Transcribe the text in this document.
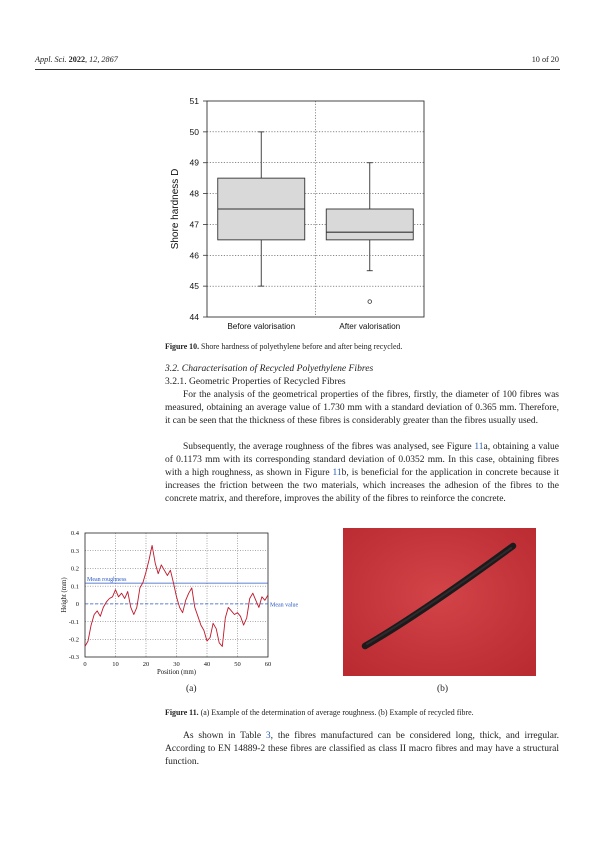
Appl. Sci. 2022, 12, 2867	10 of 20
44
45
46
47
48
49
50
51
Before valorisation	After valorisation
Shore hardness D
Figure 10. Shore hardness of polyethylene before and after being recycled.
3.2. Characterisation of Recycled Polyethylene Fibres
3.2.1. Geometric Properties of Recycled Fibres

For the analysis of the geometrical properties of the fibres, firstly, the diameter of 100 fibres was measured, obtaining an average value of 1.730 mm with a standard deviation of 0.365 mm. Therefore, it can be seen that the thickness of these fibres is considerably greater than the fibres usually used.

Subsequently, the average roughness of the fibres was analysed, see Figure 11a, obtaining a value of 0.1173 mm with its corresponding standard deviation of 0.0352 mm. In this case, obtaining fibres with a high roughness, as shown in Figure 11b, is beneficial for the application in concrete because it increases the friction between the two materials, which increases the adhesion of the fibres to the concrete matrix, and therefore, improves the ability of the fibres to reinforce the concrete.

0	10	20	30	40	50	60
0.4
0.3
0.2
0.1
0
-0.1
-0.2
-0.3
Mean roughness
Mean value
Position (mm)
Height (mm)
(a)	(b)
Figure 11. (a) Example of the determination of average roughness. (b) Example of recycled fibre.

As shown in Table 3, the fibres manufactured can be considered long, thick, and irregular. According to EN 14889-2 these fibres are classified as class II macro fibres and may have a structural function.
